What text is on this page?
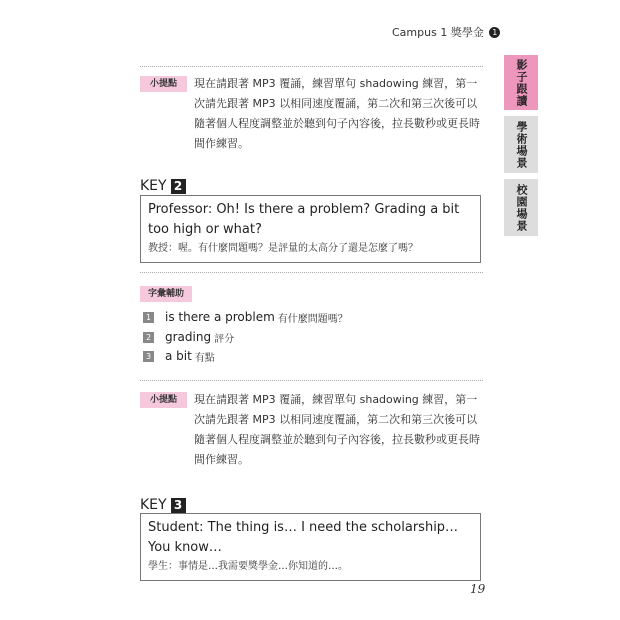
Campus 1 獎學金 1
影子跟讀
學術場景
校園場景
小提點	現在請跟著 MP3 覆誦，練習單句 shadowing 練習，第一次請先跟著 MP3 以相同速度覆誦，第二次和第三次後可以隨著個人程度調整並於聽到句子內容後，拉長數秒或更長時間作練習。
KEY 2
Professor: Oh! Is there a problem? Grading a bit too high or what?
教授：喔。有什麼問題嗎？是評量的太高分了還是怎麼了嗎？
字彙輔助
1 is there a problem 有什麼問題嗎？
2 grading 評分
3 a bit 有點
小提點	現在請跟著 MP3 覆誦，練習單句 shadowing 練習，第一次請先跟著 MP3 以相同速度覆誦，第二次和第三次後可以隨著個人程度調整並於聽到句子內容後，拉長數秒或更長時間作練習。
KEY 3
Student: The thing is… I need the scholarship… You know…
學生：事情是…我需要獎學金…你知道的…。
19
